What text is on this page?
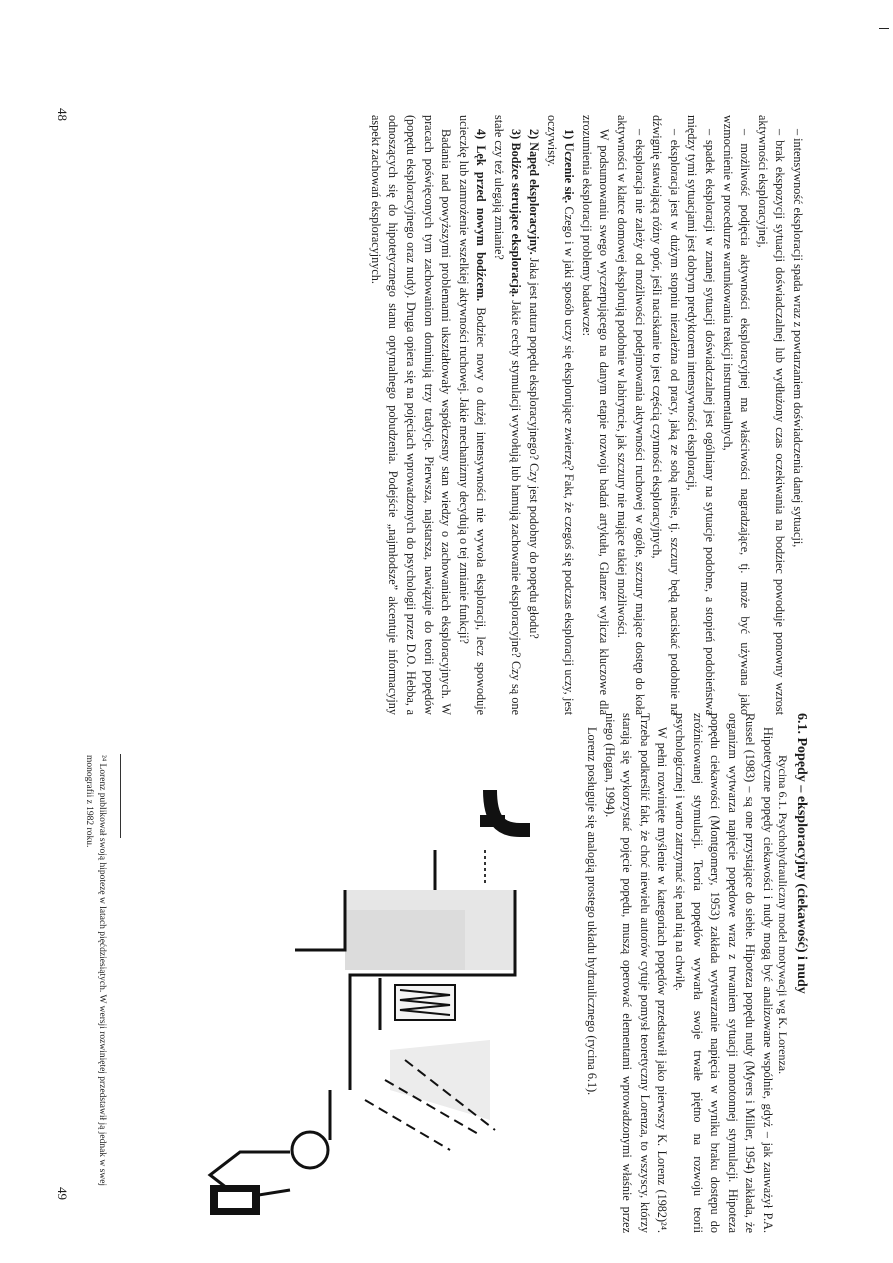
– intensywność eksploracji spada wraz z powtarzaniem doświadczenia danej sytuacji,

– brak ekspozycji sytuacji doświadczalnej lub wydłużony czas oczekiwania na bodziec powoduje ponowny wzrost aktywności eksploracyjnej,

– możliwość podjęcia aktywności eksploracyjnej ma właściwości nagradzające, tj. może być używana jako wzmocnienie w procedurze warunkowania reakcji instrumentalnych,

– spadek eksploracji w znanej sytuacji doświadczalnej jest ogólniany na sytuacje podobne, a stopień podobieństwa między tymi sytuacjami jest dobrym predyktorem intensywności eksploracji,

– eksploracja jest w dużym stopniu niezależna od pracy, jaką ze sobą niesie, tj. szczury będą naciskać podobnie na dźwignię stawiającą różny opór, jeśli naciskanie to jest częścią czynności eksploracyjnych,

– eksploracja nie zależy od możliwości podejmowania aktywności ruchowej w ogóle, szczury mające dostęp do koła aktywności w klatce domowej eksplorują podobnie w labiryncie, jak szczury nie mające takiej możliwości.

W podsumowaniu swego wyczerpującego na danym etapie rozwoju badań artykułu, Glanzer wylicza kluczowe dla zrozumienia eksploracji problemy badawcze:

1) Uczenie się. Czego i w jaki sposób uczy się eksplorujące zwierzę? Fakt, że czegoś się podczas eksploracji uczy, jest oczywisty.

2) Napęd eksploracyjny. Jaka jest natura popędu eksploracyjnego? Czy jest podobny do popędu głodu?

3) Bodźce sterujące eksploracją. Jakie cechy stymulacji wywołują lub hamują zachowanie eksploracyjne? Czy są one stałe czy też ulegają zmianie?

4) Lęk przed nowym bodźcem. Bodziec nowy o dużej intensywności nie wywoła eksploracji, lecz spowoduje ucieczkę lub zamrożenie wszelkiej aktywności ruchowej. Jakie mechanizmy decydują o tej zmianie funkcji?

Badania nad powyższymi problemami ukształtowały współczesny stan wiedzy o zachowaniach eksploracyjnych. W pracach poświęconych tym zachowaniom dominują trzy tradycje. Pierwsza, najstarsza, nawiązuje do teorii popędów (popędu eksploracyjnego oraz nudy). Druga opiera się na pojęciach wprowadzonych do psychologii przez D.O. Hebba, a odnoszących się do hipotetycznego stanu optymalnego pobudzenia. Podejście „najmłodsze” akcentuje informacyjny aspekt zachowań eksploracyjnych.

48
6.1. Popędy – eksploracyjny (ciekawość) i nudy

Hipotetyczne popędy ciekawości i nudy mogą być analizowane wspólnie, gdyż – jak zauważył P.A. Russel (1983) – są one przystające do siebie. Hipoteza popędu nudy (Myers i Miller, 1954) zakłada, że organizm wytwarza napięcie popędowe wraz z trwaniem sytuacji monotonnej stymulacji. Hipoteza popędu ciekawości (Montgomery, 1953) zakłada wytwarzanie napięcia w wyniku braku dostępu do zróżnicowanej stymulacji. Teoria popędów wywarła swoje trwałe piętno na rozwoju teorii psychologicznej i warto zatrzymać się nad nią na chwilę.

W pełni rozwinięte myślenie w kategoriach popędów przedstawił jako pierwszy K. Lorenz (1982)²⁴. Trzeba podkreślić fakt, że choć niewielu autorów cytuje pomysł teoretyczny Lorenza, to wszyscy, którzy starają się wykorzystać pojęcie popędu, muszą operować elementami wprowadzonymi właśnie przez niego (Hogan, 1994).

Lorenz posługuje się analogią prostego układu hydraulicznego (rycina 6.1).	Rycina 6.1. Psychohydrauliczny model motywacji wg K. Lorenza.
²⁴ Lorenz publikował swoją hipotezę w latach pięćdziesiątych. W wersji rozwiniętej przedstawił ją jednak w swej monografii z 1982 roku.
49
